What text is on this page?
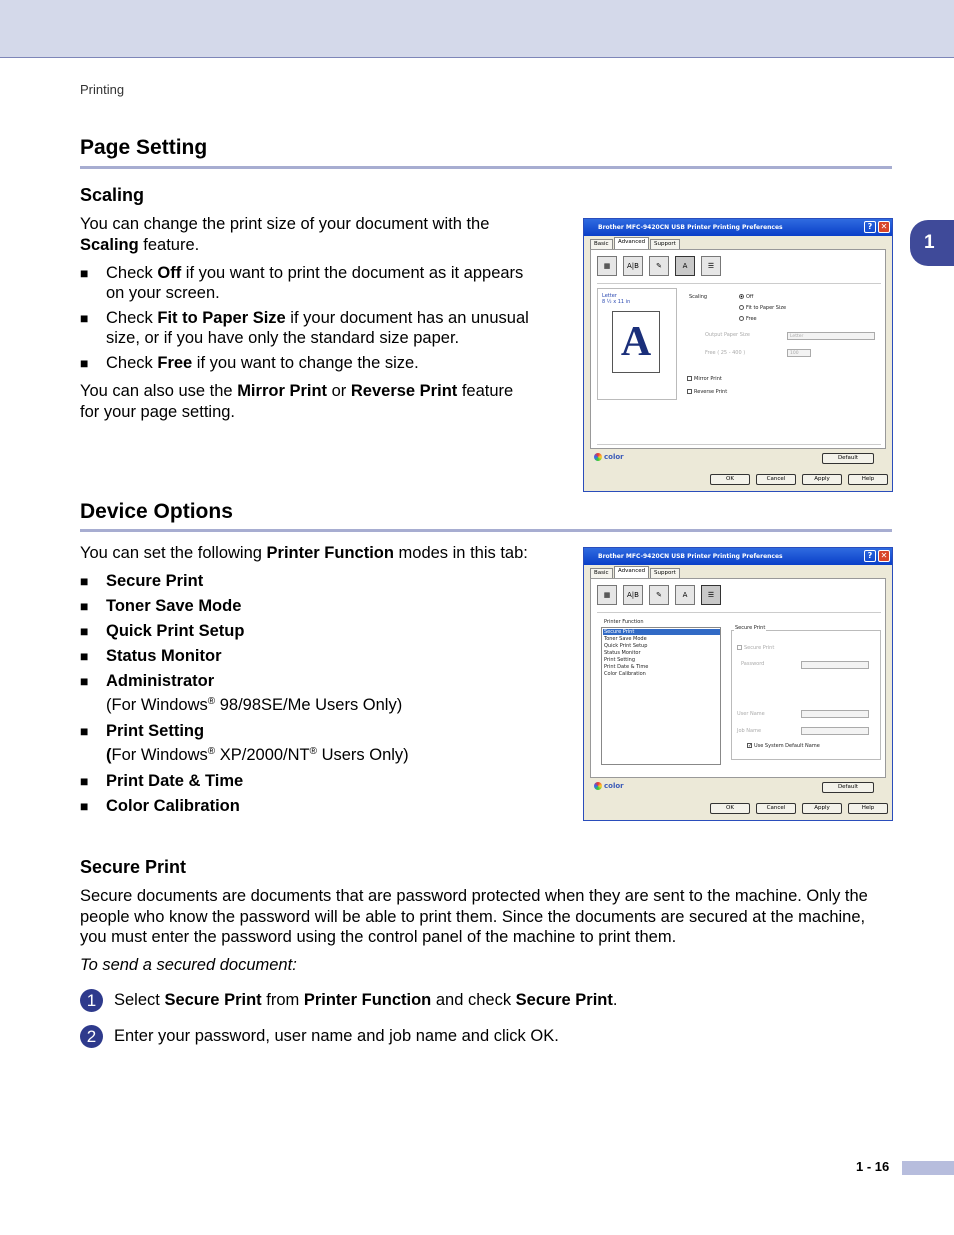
Printing
1
Page Setting
Scaling
You can change the print size of your document with the
Scaling feature.
■ Check Off if you want to print the document as it appears
on your screen.
■ Check Fit to Paper Size if your document has an unusual
size, or if you have only the standard size paper.
■ Check Free if you want to change the size.
You can also use the Mirror Print or Reverse Print feature
for your page setting.
Brother MFC-9420CN USB Printer Printing Preferences	?	✕
Basic	Advanced	Support
▦	A|B	✎	A	☰
Letter
8 ½ x 11 in
A
Scaling	Off
Fit to Paper Size
Free
Output Paper Size	Letter
Free ( 25 - 400 )	100
Mirror Print
Reverse Print
color	Default
OK	Cancel	Apply	Help
Device Options
You can set the following Printer Function modes in this tab:
■ Secure Print
■ Toner Save Mode
■ Quick Print Setup
■ Status Monitor
■ Administrator
(For Windows® 98/98SE/Me Users Only)
■ Print Setting
(For Windows® XP/2000/NT® Users Only)
■ Print Date & Time
■ Color Calibration
Brother MFC-9420CN USB Printer Printing Preferences	?	✕
Basic	Advanced	Support
▦	A|B	✎	A	☰
Printer Function
Secure Print
Toner Save Mode
Quick Print Setup
Status Monitor
Print Setting
Print Date & Time
Color Calibration
Secure Print
Secure Print
Password
User Name
Job Name
✓ Use System Default Name
color	Default
OK	Cancel	Apply	Help
Secure Print
Secure documents are documents that are password protected when they are sent to the machine. Only the
people who know the password will be able to print them. Since the documents are secured at the machine,
you must enter the password using the control panel of the machine to print them.
To send a secured document:
1	Select Secure Print from Printer Function and check Secure Print.
2	Enter your password, user name and job name and click OK.
1 - 16
